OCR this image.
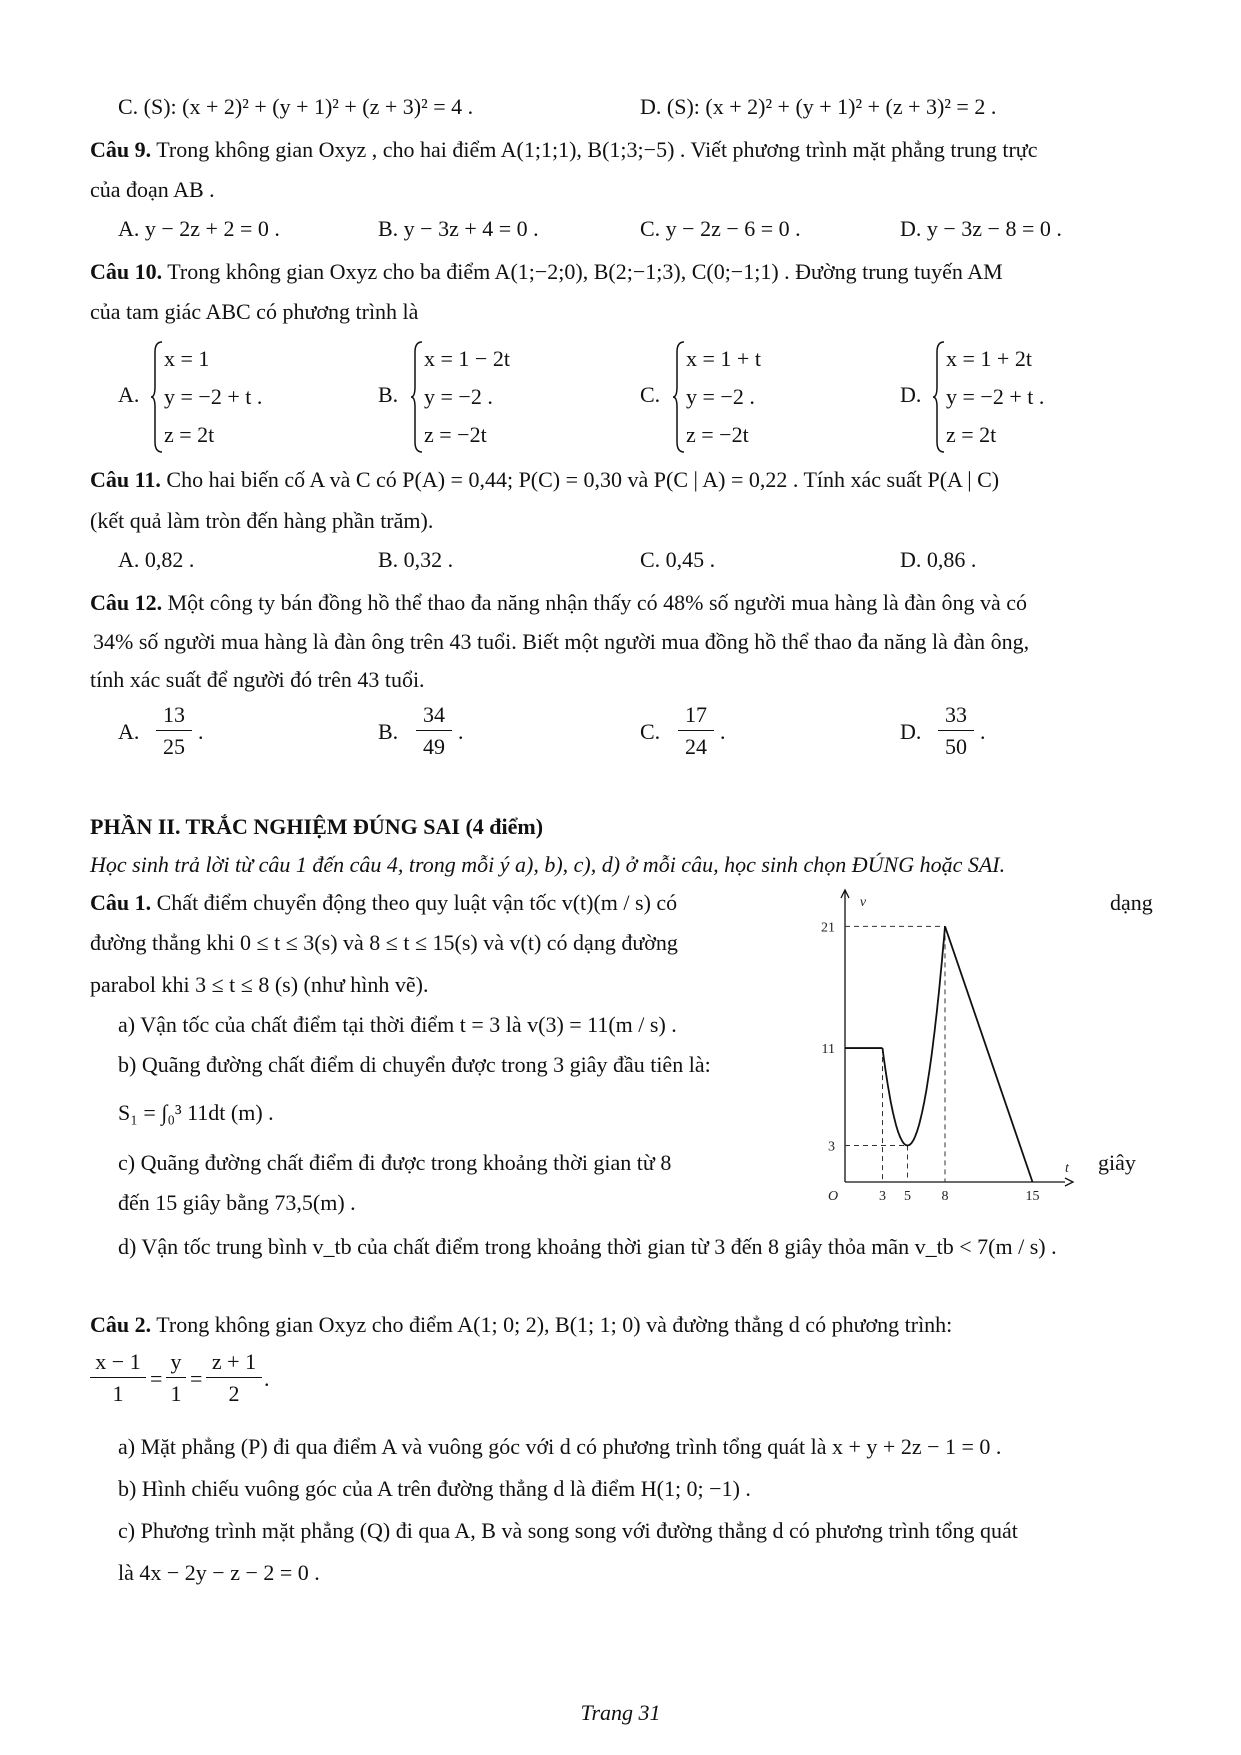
C. (S): (x + 2)² + (y + 1)² + (z + 3)² = 4 .	D. (S): (x + 2)² + (y + 1)² + (z + 3)² = 2 .
Câu 9. Trong không gian Oxyz , cho hai điểm A(1;1;1), B(1;3;−5) . Viết phương trình mặt phẳng trung trực
của đoạn AB .
A. y − 2z + 2 = 0 .	B. y − 3z + 4 = 0 .	C. y − 2z − 6 = 0 .	D. y − 3z − 8 = 0 .
Câu 10. Trong không gian Oxyz cho ba điểm A(1;−2;0), B(2;−1;3), C(0;−1;1) . Đường trung tuyến AM
của tam giác ABC có phương trình là
A.
x = 1
y = −2 + t .
z = 2t
B.
x = 1 − 2t
y = −2 .
z = −2t
C.
x = 1 + t
y = −2 .
z = −2t
D.
x = 1 + 2t
y = −2 + t .
z = 2t
Câu 11. Cho hai biến cố A và C có P(A) = 0,44; P(C) = 0,30 và P(C | A) = 0,22 . Tính xác suất P(A | C)
(kết quả làm tròn đến hàng phần trăm).
A. 0,82 .	B. 0,32 .	C. 0,45 .	D. 0,86 .
Câu 12. Một công ty bán đồng hồ thể thao đa năng nhận thấy có 48% số người mua hàng là đàn ông và có
34% số người mua hàng là đàn ông trên 43 tuổi. Biết một người mua đồng hồ thể thao đa năng là đàn ông,
tính xác suất để người đó trên 43 tuổi.
A.
13
25
.	B.
34
49
.	C.
17
24
.	D.
33
50
.
PHẦN II. TRẮC NGHIỆM ĐÚNG SAI (4 điểm)
Học sinh trả lời từ câu 1 đến câu 4, trong mỗi ý a), b), c), d) ở mỗi câu, học sinh chọn ĐÚNG hoặc SAI.
Câu 1. Chất điểm chuyển động theo quy luật vận tốc v(t)(m / s) có	dạng
đường thẳng khi 0 ≤ t ≤ 3(s) và 8 ≤ t ≤ 15(s) và v(t) có dạng đường
parabol khi 3 ≤ t ≤ 8 (s) (như hình vẽ).
a) Vận tốc của chất điểm tại thời điểm t = 3 là v(3) = 11(m / s) .
b) Quãng đường chất điểm di chuyển được trong 3 giây đầu tiên là:
S₁ = ∫₀³ 11dt (m) .
c) Quãng đường chất điểm đi được trong khoảng thời gian từ 8	giây
đến 15 giây bằng 73,5(m) .
d) Vận tốc trung bình v_tb của chất điểm trong khoảng thời gian từ 3 đến 8 giây thỏa mãn v_tb < 7(m / s) .
v
t
O	3 5 8	15
3
11
21
Câu 2. Trong không gian Oxyz cho điểm A(1; 0; 2), B(1; 1; 0) và đường thẳng d có phương trình:
x − 1
1
=
y
1
=
z + 1
2
.
a) Mặt phẳng (P) đi qua điểm A và vuông góc với d có phương trình tổng quát là x + y + 2z − 1 = 0 .
b) Hình chiếu vuông góc của A trên đường thẳng d là điểm H(1; 0; −1) .
c) Phương trình mặt phẳng (Q) đi qua A, B và song song với đường thẳng d có phương trình tổng quát
là 4x − 2y − z − 2 = 0 .
Trang 31
